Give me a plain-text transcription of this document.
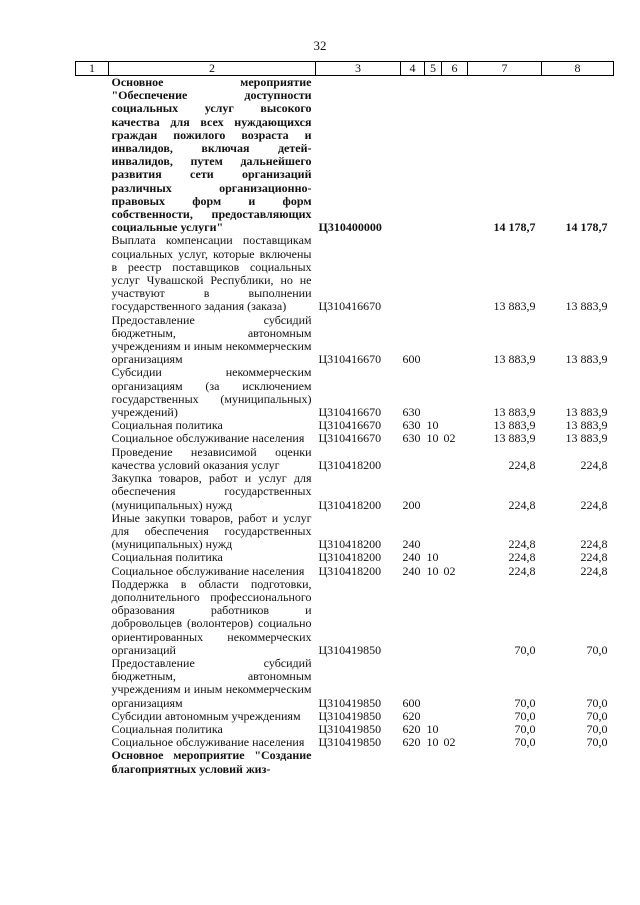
32
1	2	3	4	5	6	7	8
	Основное мероприятие "Обеспечение доступности социальных услуг высокого качества для всех нуждающихся граждан пожилого возраста и инвалидов, включая детей-инвалидов, путем дальнейшего развития сети организаций различных организационно-правовых форм и форм собственности, предоставляющих социальные услуги"	Ц310400000				14 178,7	14 178,7
	Выплата компенсации поставщикам социальных услуг, которые включены в реестр поставщиков социальных услуг Чувашской Республики, но не участвуют в выполнении государственного задания (заказа)	Ц310416670				13 883,9	13 883,9
	Предоставление субсидий бюджетным, автономным учреждениям и иным некоммерческим организациям	Ц310416670	600			13 883,9	13 883,9
	Субсидии некоммерческим организациям (за исключением государственных (муниципальных) учреждений)	Ц310416670	630			13 883,9	13 883,9
	Социальная политика	Ц310416670	630	10		13 883,9	13 883,9
	Социальное обслуживание населения	Ц310416670	630	10	02	13 883,9	13 883,9
	Проведение независимой оценки качества условий оказания услуг	Ц310418200				224,8	224,8
	Закупка товаров, работ и услуг для обеспечения государственных (муниципальных) нужд	Ц310418200	200			224,8	224,8
	Иные закупки товаров, работ и услуг для обеспечения государственных (муниципальных) нужд	Ц310418200	240			224,8	224,8
	Социальная политика	Ц310418200	240	10		224,8	224,8
	Социальное обслуживание населения	Ц310418200	240	10	02	224,8	224,8
	Поддержка в области подготовки, дополнительного профессионального образования работников и добровольцев (волонтеров) социально ориентированных некоммерческих организаций	Ц310419850				70,0	70,0
	Предоставление субсидий бюджетным, автономным учреждениям и иным некоммерческим организациям	Ц310419850	600			70,0	70,0
	Субсидии автономным учреждениям	Ц310419850	620			70,0	70,0
	Социальная политика	Ц310419850	620	10		70,0	70,0
	Социальное обслуживание населения	Ц310419850	620	10	02	70,0	70,0
	Основное мероприятие "Создание благоприятных условий жиз-						
